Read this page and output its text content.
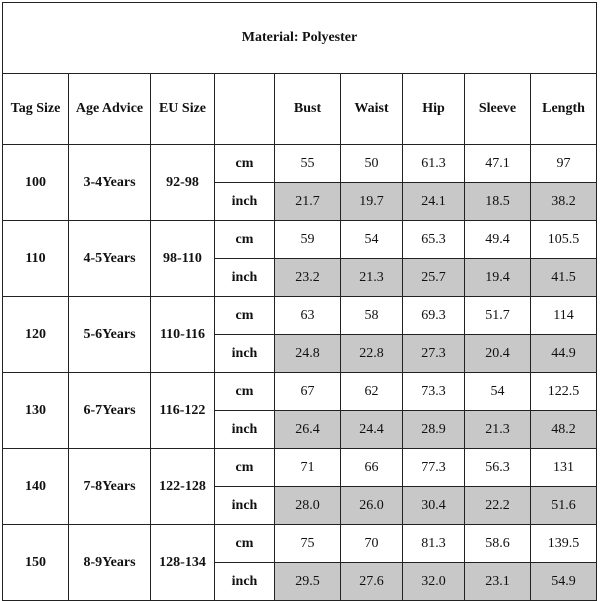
Material: Polyester								
Tag Size	Age Advice	EU Size		Bust	Waist	Hip	Sleeve	Length
100	3-4Years	92-98	cm	55	50	61.3	47.1	97
			inch	21.7	19.7	24.1	18.5	38.2
110	4-5Years	98-110	cm	59	54	65.3	49.4	105.5
			inch	23.2	21.3	25.7	19.4	41.5
120	5-6Years	110-116	cm	63	58	69.3	51.7	114
			inch	24.8	22.8	27.3	20.4	44.9
130	6-7Years	116-122	cm	67	62	73.3	54	122.5
			inch	26.4	24.4	28.9	21.3	48.2
140	7-8Years	122-128	cm	71	66	77.3	56.3	131
			inch	28.0	26.0	30.4	22.2	51.6
150	8-9Years	128-134	cm	75	70	81.3	58.6	139.5
			inch	29.5	27.6	32.0	23.1	54.9
